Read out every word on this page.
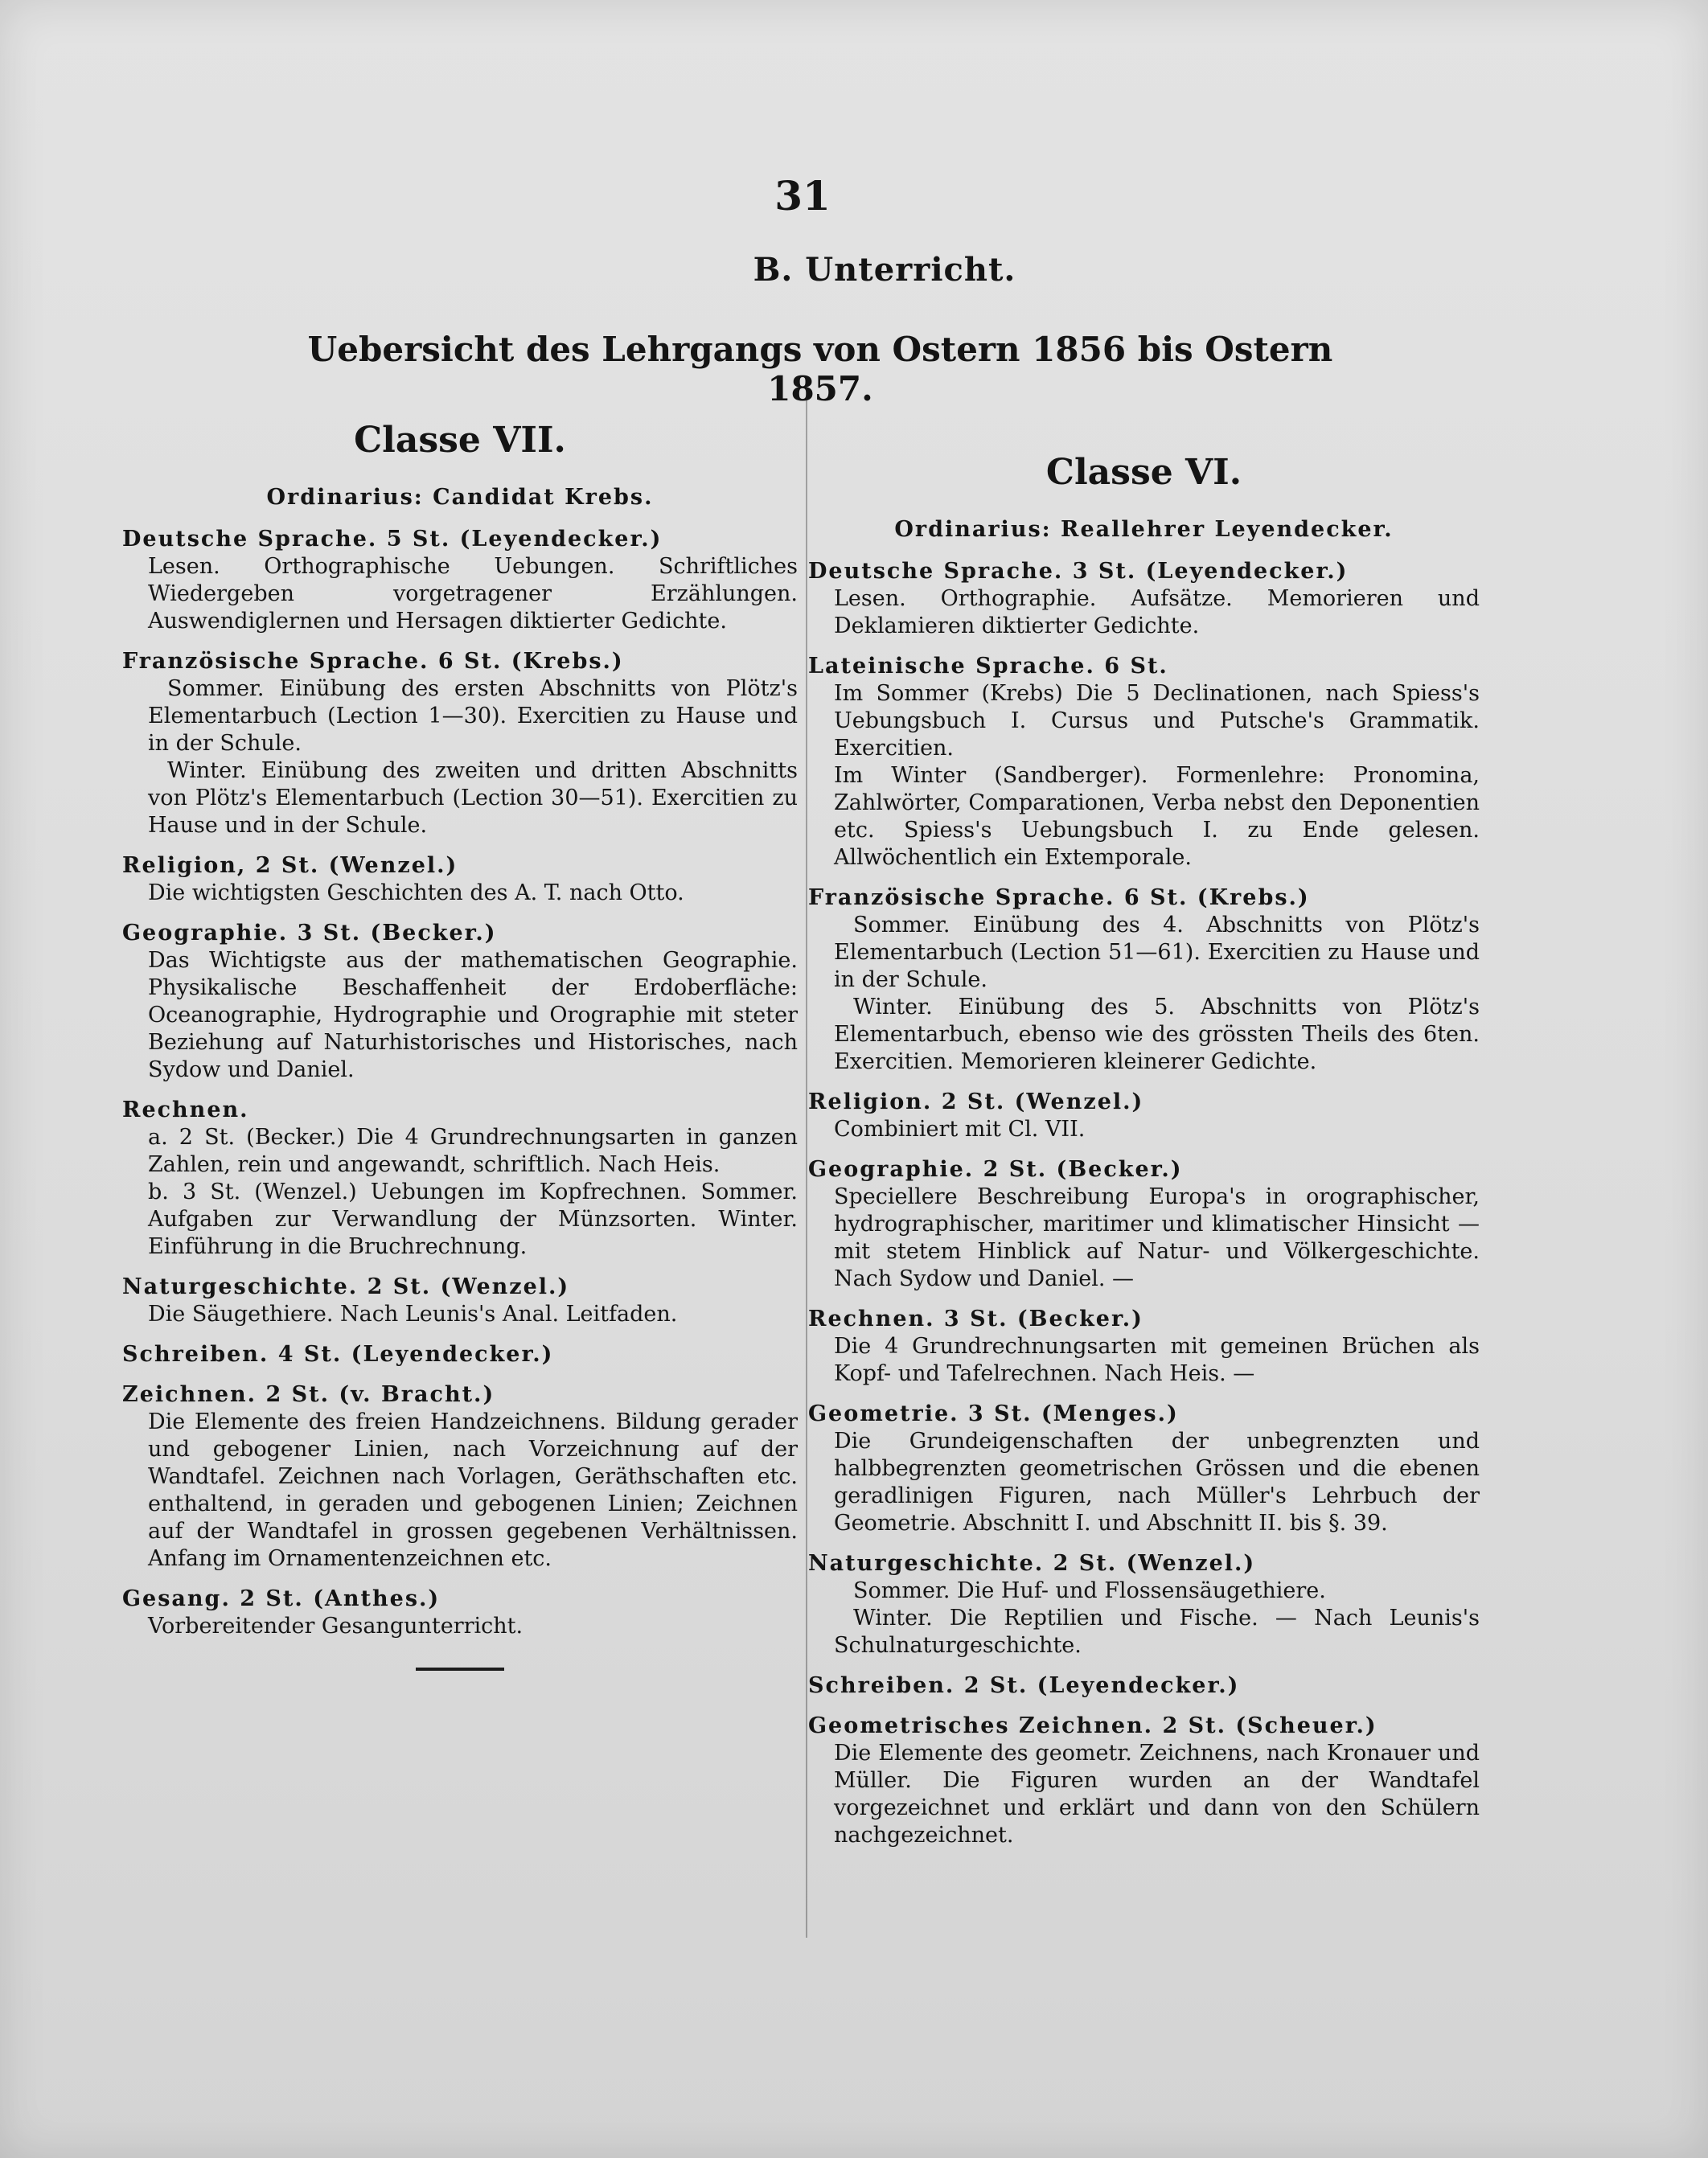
31
B. Unterricht.
Uebersicht des Lehrgangs von Ostern 1856 bis Ostern 1857.
Classe VII.
Ordinarius: Candidat Krebs.
Deutsche Sprache. 5 St. (Leyendecker.)
Lesen. Orthographische Uebungen. Schriftliches Wiedergeben vorgetragener Erzählungen. Auswendiglernen und Hersagen diktierter Gedichte.
Französische Sprache. 6 St. (Krebs.)
Sommer. Einübung des ersten Abschnitts von Plötz's Elementarbuch (Lection 1—30). Exercitien zu Hause und in der Schule.
Winter. Einübung des zweiten und dritten Abschnitts von Plötz's Elementarbuch (Lection 30—51). Exercitien zu Hause und in der Schule.
Religion, 2 St. (Wenzel.)
Die wichtigsten Geschichten des A. T. nach Otto.
Geographie. 3 St. (Becker.)
Das Wichtigste aus der mathematischen Geographie. Physikalische Beschaffenheit der Erdoberfläche: Oceanographie, Hydrographie und Orographie mit steter Beziehung auf Naturhistorisches und Historisches, nach Sydow und Daniel.
Rechnen.
a. 2 St. (Becker.) Die 4 Grundrechnungsarten in ganzen Zahlen, rein und angewandt, schriftlich. Nach Heis.
b. 3 St. (Wenzel.) Uebungen im Kopfrechnen. Sommer. Aufgaben zur Verwandlung der Münzsorten. Winter. Einführung in die Bruchrechnung.
Naturgeschichte. 2 St. (Wenzel.)
Die Säugethiere. Nach Leunis's Anal. Leitfaden.
Schreiben. 4 St. (Leyendecker.)
Zeichnen. 2 St. (v. Bracht.)
Die Elemente des freien Handzeichnens. Bildung gerader und gebogener Linien, nach Vorzeichnung auf der Wandtafel. Zeichnen nach Vorlagen, Geräthschaften etc. enthaltend, in geraden und gebogenen Linien; Zeichnen auf der Wandtafel in grossen gegebenen Verhältnissen. Anfang im Ornamentenzeichnen etc.
Gesang. 2 St. (Anthes.)
Vorbereitender Gesangunterricht.
Classe VI.
Ordinarius: Reallehrer Leyendecker.
Deutsche Sprache. 3 St. (Leyendecker.)
Lesen. Orthographie. Aufsätze. Memorieren und Deklamieren diktierter Gedichte.
Lateinische Sprache. 6 St.
Im Sommer (Krebs) Die 5 Declinationen, nach Spiess's Uebungsbuch I. Cursus und Putsche's Grammatik. Exercitien.
Im Winter (Sandberger). Formenlehre: Pronomina, Zahlwörter, Comparationen, Verba nebst den Deponentien etc. Spiess's Uebungsbuch I. zu Ende gelesen. Allwöchentlich ein Extemporale.
Französische Sprache. 6 St. (Krebs.)
Sommer. Einübung des 4. Abschnitts von Plötz's Elementarbuch (Lection 51—61). Exercitien zu Hause und in der Schule.
Winter. Einübung des 5. Abschnitts von Plötz's Elementarbuch, ebenso wie des grössten Theils des 6ten. Exercitien. Memorieren kleinerer Gedichte.
Religion. 2 St. (Wenzel.)
Combiniert mit Cl. VII.
Geographie. 2 St. (Becker.)
Speciellere Beschreibung Europa's in orographischer, hydrographischer, maritimer und klimatischer Hinsicht — mit stetem Hinblick auf Natur- und Völkergeschichte. Nach Sydow und Daniel. —
Rechnen. 3 St. (Becker.)
Die 4 Grundrechnungsarten mit gemeinen Brüchen als Kopf- und Tafelrechnen. Nach Heis. —
Geometrie. 3 St. (Menges.)
Die Grundeigenschaften der unbegrenzten und halbbegrenzten geometrischen Grössen und die ebenen geradlinigen Figuren, nach Müller's Lehrbuch der Geometrie. Abschnitt I. und Abschnitt II. bis §. 39.
Naturgeschichte. 2 St. (Wenzel.)
Sommer. Die Huf- und Flossensäugethiere.
Winter. Die Reptilien und Fische. — Nach Leunis's Schulnaturgeschichte.
Schreiben. 2 St. (Leyendecker.)
Geometrisches Zeichnen. 2 St. (Scheuer.)
Die Elemente des geometr. Zeichnens, nach Kronauer und Müller. Die Figuren wurden an der Wandtafel vorgezeichnet und erklärt und dann von den Schülern nachgezeichnet.
